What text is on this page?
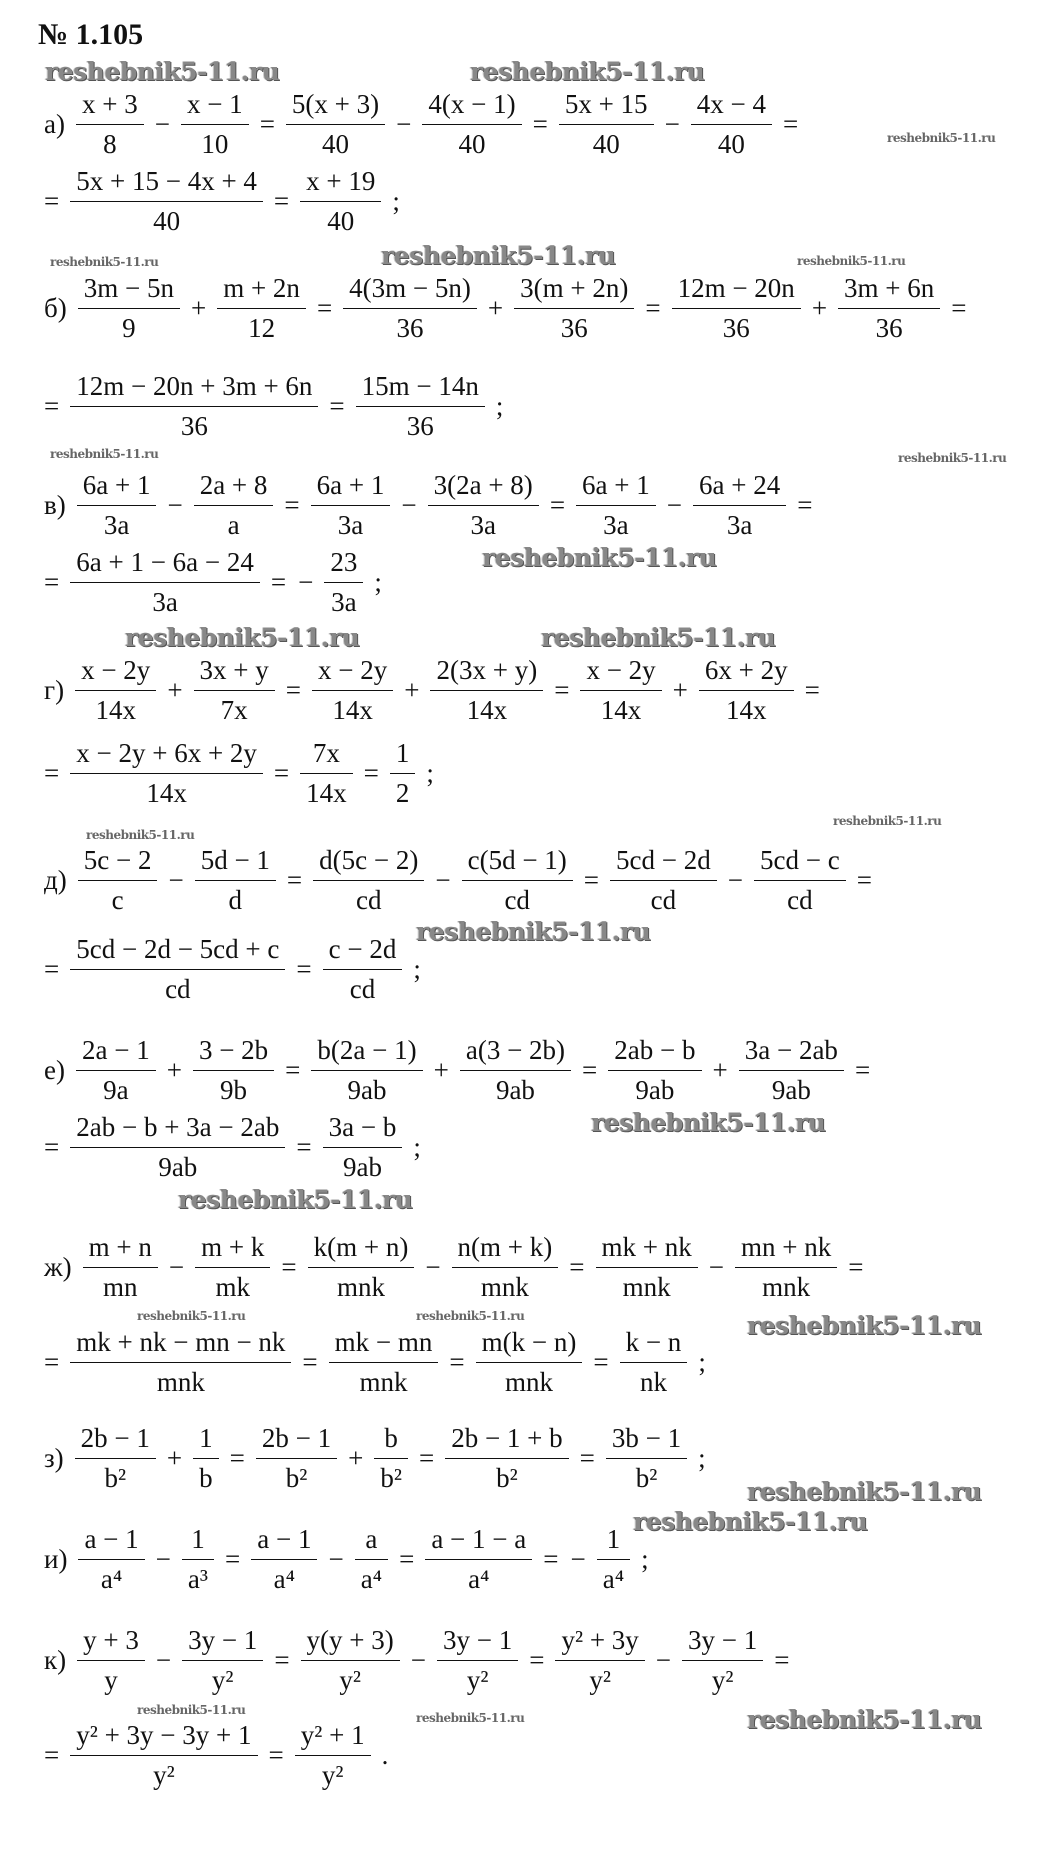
№ 1.105
$а) \frac{x + 3}{8} - \frac{x - 1}{10} = \frac{5(x + 3)}{40} - \frac{4(x - 1)}{40} = \frac{5x + 15}{40} - \frac{4x - 4}{40}$ =
= $\frac{5x + 15 - 4x + 4}{40} = \frac{x + 19}{40}$ ;
$б) \frac{3m - 5n}{9} + \frac{m + 2n}{12} = \frac{4(3m - 5n)}{36} + \frac{3(m + 2n)}{36} = \frac{12m - 20n}{36} + \frac{3m + 6n}{36}$ =
= $\frac{12m - 20n + 3m + 6n}{36} = \frac{15m - 14n}{36}$ ;
$в) \frac{6a + 1}{3a} - \frac{2a + 8}{a} = \frac{6a + 1}{3a} - \frac{3(2a + 8)}{3a} = \frac{6a + 1}{3a} - \frac{6a + 24}{3a}$ =
= $\frac{6a + 1 - 6a - 24}{3a}$ = − $\frac{23}{3a}$ ;
$г) \frac{x - 2y}{14x} + \frac{3x + y}{7x} = \frac{x - 2y}{14x} + \frac{2(3x + y)}{14x} = \frac{x - 2y}{14x} + \frac{6x + 2y}{14x}$ =
= $\frac{x - 2y + 6x + 2y}{14x} = \frac{7x}{14x} = \frac{1}{2}$ ;
$д) \frac{5c - 2}{c} - \frac{5d - 1}{d} = \frac{d(5c - 2)}{cd} - \frac{c(5d - 1)}{cd} = \frac{5cd - 2d}{cd} - \frac{5cd - c}{cd}$ =
= $\frac{5cd - 2d - 5cd + c}{cd} = \frac{c - 2d}{cd}$ ;
$е) \frac{2a - 1}{9a} + \frac{3 - 2b}{9b} = \frac{b(2a - 1)}{9ab} + \frac{a(3 - 2b)}{9ab} = \frac{2ab - b}{9ab} + \frac{3a - 2ab}{9ab}$ =
= $\frac{2ab - b + 3a - 2ab}{9ab} = \frac{3a - b}{9ab}$ ;
$ж) \frac{m + n}{mn} - \frac{m + k}{mk} = \frac{k(m + n)}{\text{mnk}} - \frac{n(m + k)}{\text{mnk}} = \frac{mk + nk}{\text{mnk}} - \frac{mn + nk}{\text{mnk}}$ =
= $\frac{mk + nk - mn - nk}{\text{mnk}} = \frac{mk - mn}{\text{mnk}} = \frac{m(k - n)}{\text{mnk}} = \frac{k - n}{nk}$ ;
$з) \frac{2b - 1}{\text{b²}} + \frac{1}{b} = \frac{2b - 1}{\text{b²}} + \frac{b}{\text{b²}} = \frac{2b - 1 + b}{\text{b²}} = \frac{3b - 1}{\text{b²}}$ ;
$и) \frac{a - 1}{\text{a⁴}} - \frac{1}{\text{a³}} = \frac{a - 1}{\text{a⁴}} - \frac{a}{\text{a⁴}} = \frac{a - 1 - a}{\text{a⁴}}$ = − $\frac{1}{\text{a⁴}}$ ;
$к) \frac{y + 3}{y} - \frac{3y - 1}{\text{y²}} = \frac{y(y + 3)}{\text{y²}} - \frac{3y - 1}{\text{y²}} = \frac{\text{y² + 3y}}{\text{y²}} - \frac{3y - 1}{\text{y²}}$ =
= $\frac{\text{y² + 3y − 3y + 1}}{\text{y²}} = \frac{\text{y² + 1}}{\text{y²}}$ .
reshebnik5-11.ru	reshebnik5-11.ru
reshebnik5-11.ru
reshebnik5-11.ru	reshebnik5-11.ru	reshebnik5-11.ru
reshebnik5-11.ru
reshebnik5-11.ru
reshebnik5-11.ru
reshebnik5-11.ru	reshebnik5-11.ru
reshebnik5-11.ru
reshebnik5-11.ru
reshebnik5-11.ru
reshebnik5-11.ru
reshebnik5-11.ru
reshebnik5-11.ru	reshebnik5-11.ru	reshebnik5-11.ru
reshebnik5-11.ru
reshebnik5-11.ru
reshebnik5-11.ru
reshebnik5-11.ru	reshebnik5-11.ru
